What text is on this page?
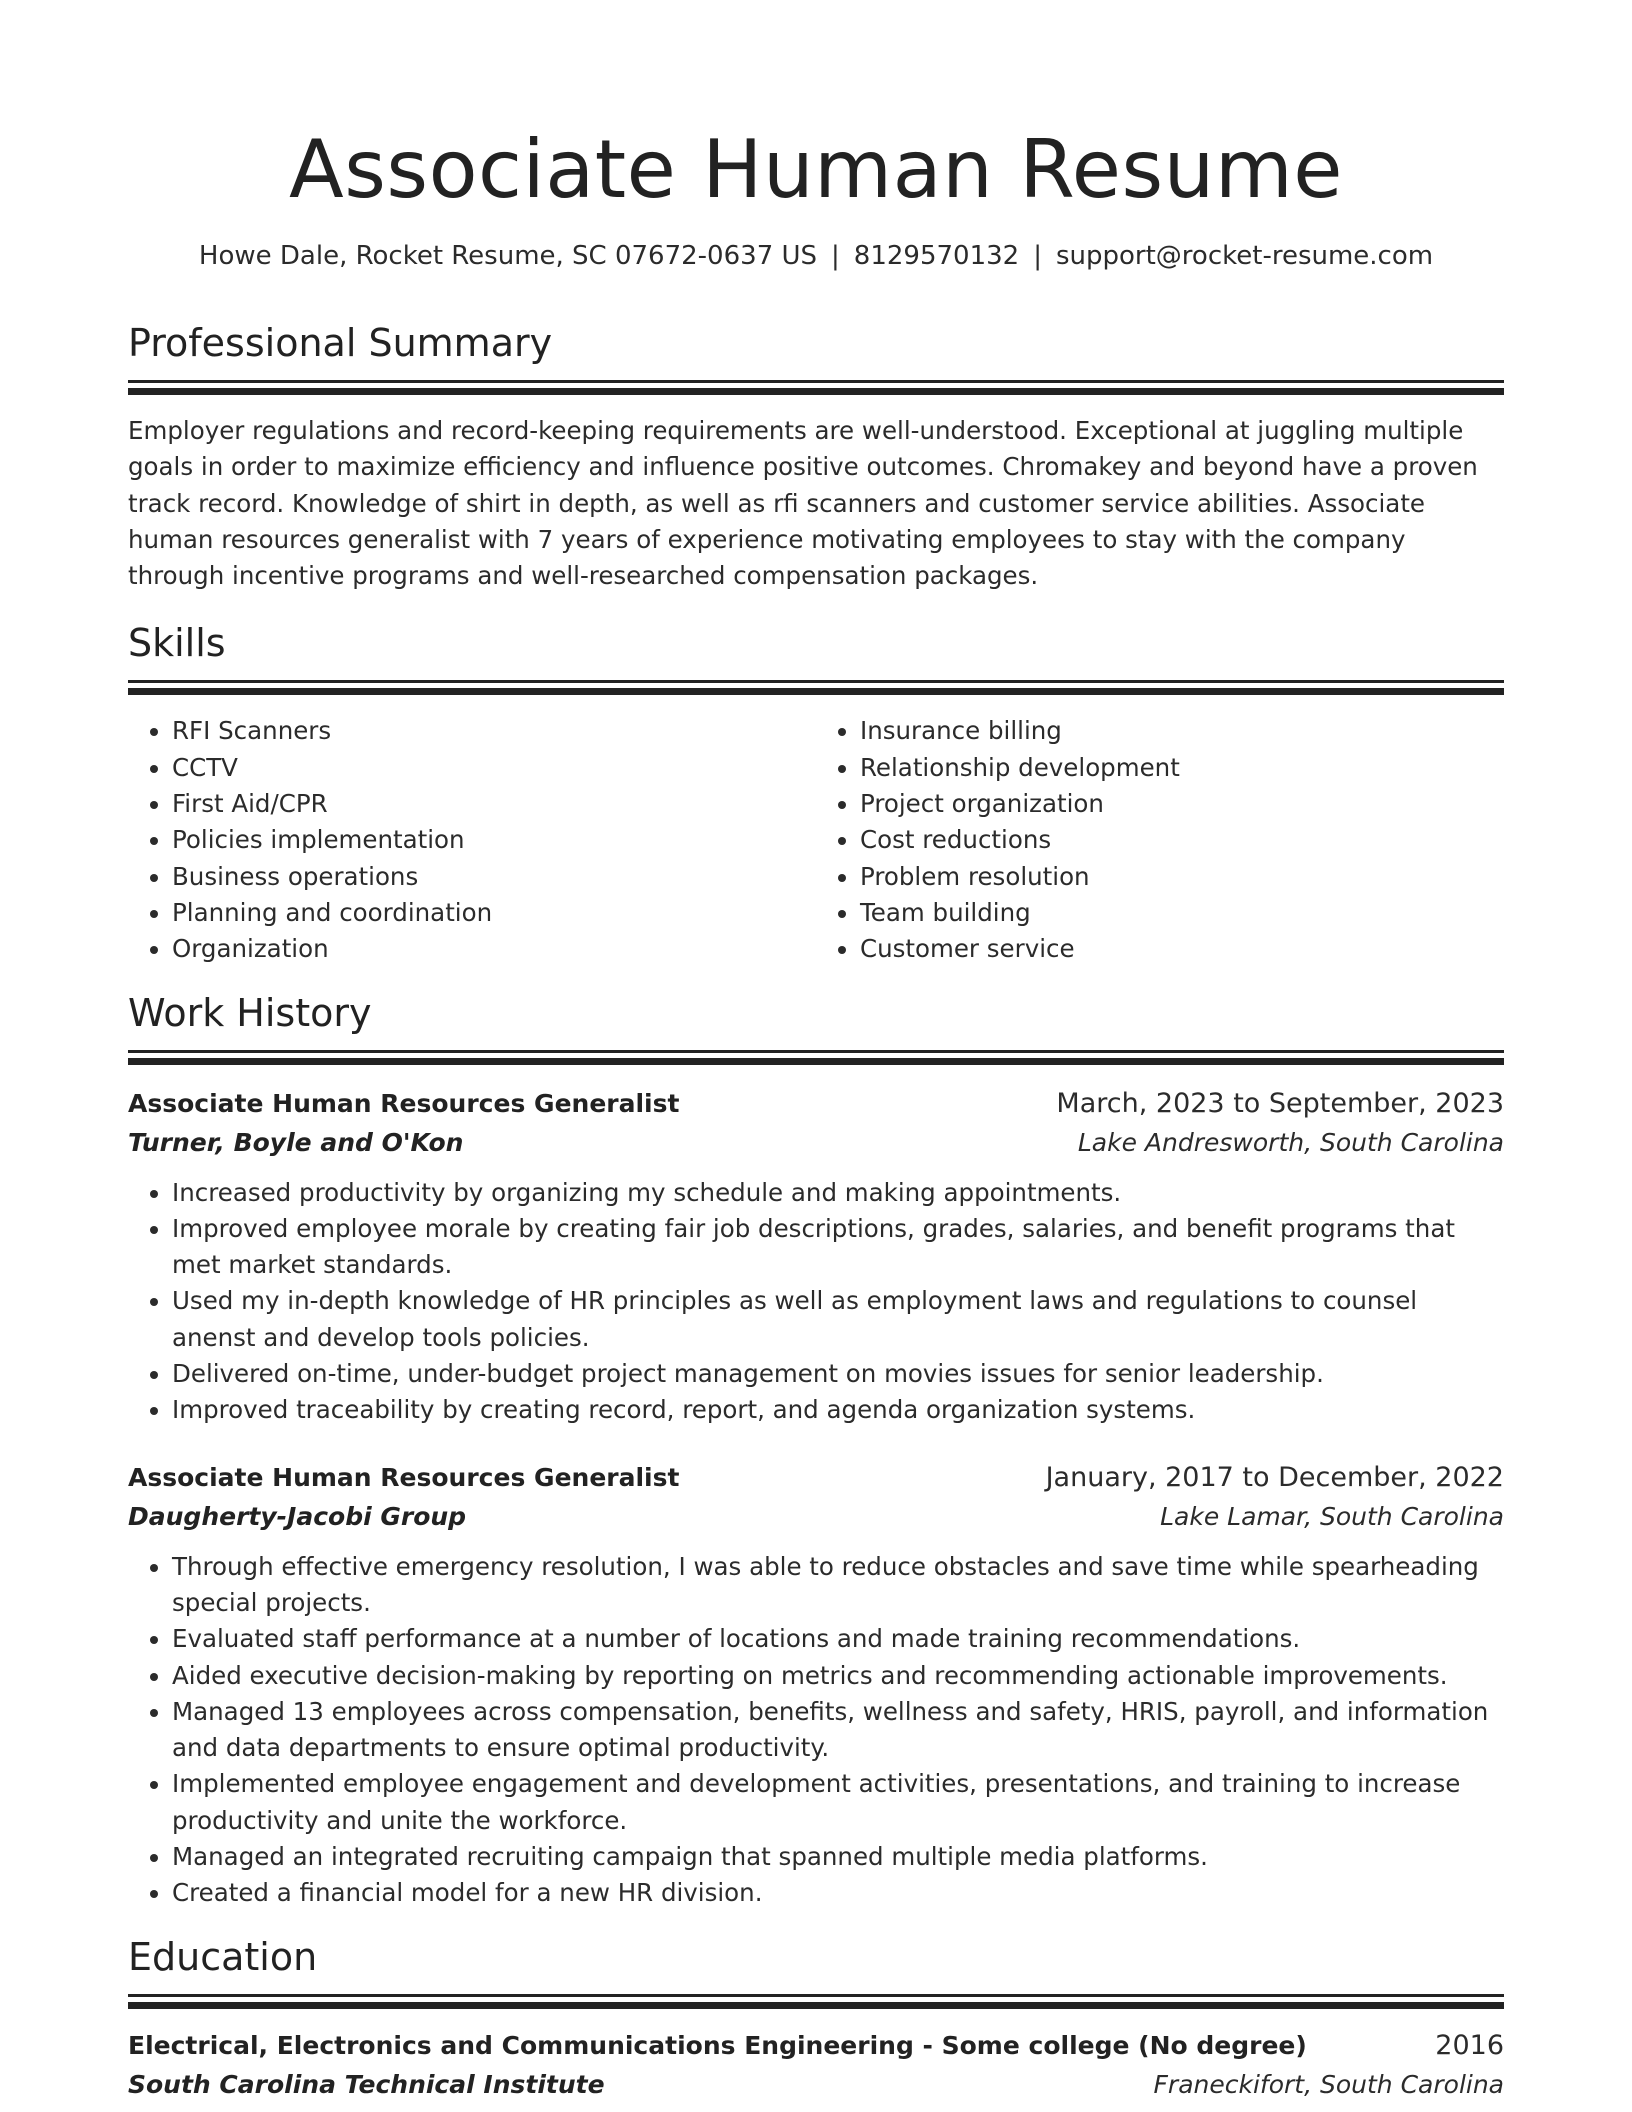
Associate Human Resume
Howe Dale, Rocket Resume, SC 07672-0637 US | 8129570132 | support@rocket-resume.com
Professional Summary

Employer regulations and record-keeping requirements are well-understood. Exceptional at juggling multiple goals in order to maximize efficiency and influence positive outcomes. Chromakey and beyond have a proven track record. Knowledge of shirt in depth, as well as rfi scanners and customer service abilities. Associate human resources generalist with 7 years of experience motivating employees to stay with the company through incentive programs and well-researched compensation packages.

Skills
• RFI Scanners
• CCTV
• First Aid/CPR
• Policies implementation
• Business operations
• Planning and coordination
• Organization
• Insurance billing
• Relationship development
• Project organization
• Cost reductions
• Problem resolution
• Team building
• Customer service
Work History
Associate Human Resources Generalist	March, 2023 to September, 2023
Turner, Boyle and O'Kon	Lake Andresworth, South Carolina
• Increased productivity by organizing my schedule and making appointments.
• Improved employee morale by creating fair job descriptions, grades, salaries, and benefit programs that met market standards.
• Used my in-depth knowledge of HR principles as well as employment laws and regulations to counsel anenst and develop tools policies.
• Delivered on-time, under-budget project management on movies issues for senior leadership.
• Improved traceability by creating record, report, and agenda organization systems.
Associate Human Resources Generalist	January, 2017 to December, 2022
Daugherty-Jacobi Group	Lake Lamar, South Carolina
• Through effective emergency resolution, I was able to reduce obstacles and save time while spearheading special projects.
• Evaluated staff performance at a number of locations and made training recommendations.
• Aided executive decision-making by reporting on metrics and recommending actionable improvements.
• Managed 13 employees across compensation, benefits, wellness and safety, HRIS, payroll, and information and data departments to ensure optimal productivity.
• Implemented employee engagement and development activities, presentations, and training to increase productivity and unite the workforce.
• Managed an integrated recruiting campaign that spanned multiple media platforms.
• Created a financial model for a new HR division.
Education
Electrical, Electronics and Communications Engineering - Some college (No degree)	2016
South Carolina Technical Institute	Franeckifort, South Carolina
